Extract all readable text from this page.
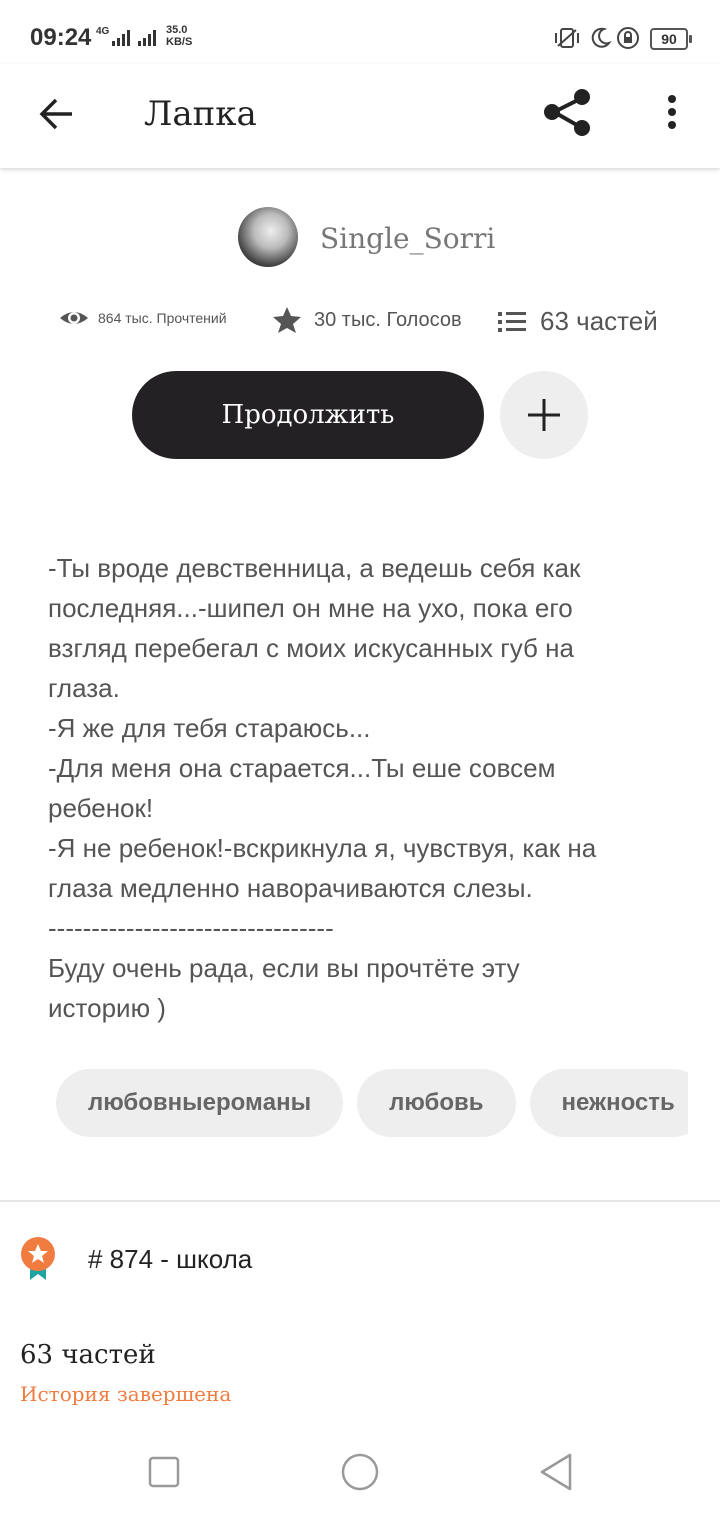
09:24 4G	35.0
KB/S	90
Лапка
Single_Sorri
864 тыс. Прочтений	30 тыс. Голосов	63 частей
Продолжить
-Ты вроде девственница, а ведешь себя как
последняя...-шипел он мне на ухо, пока его
взгляд перебегал с моих искусанных губ на
глаза.
-Я же для тебя стараюсь...
-Для меня она старается...Ты еше совсем
ребенок!
-Я не ребенок!-вскрикнула я, чувствуя, как на
глаза медленно наворачиваются слезы.
---------------------------------
Буду очень рада, если вы прочтёте эту
историю )
любовныеромaны	любовь	нежность
# 874 - школа
63 частей
История завершена
